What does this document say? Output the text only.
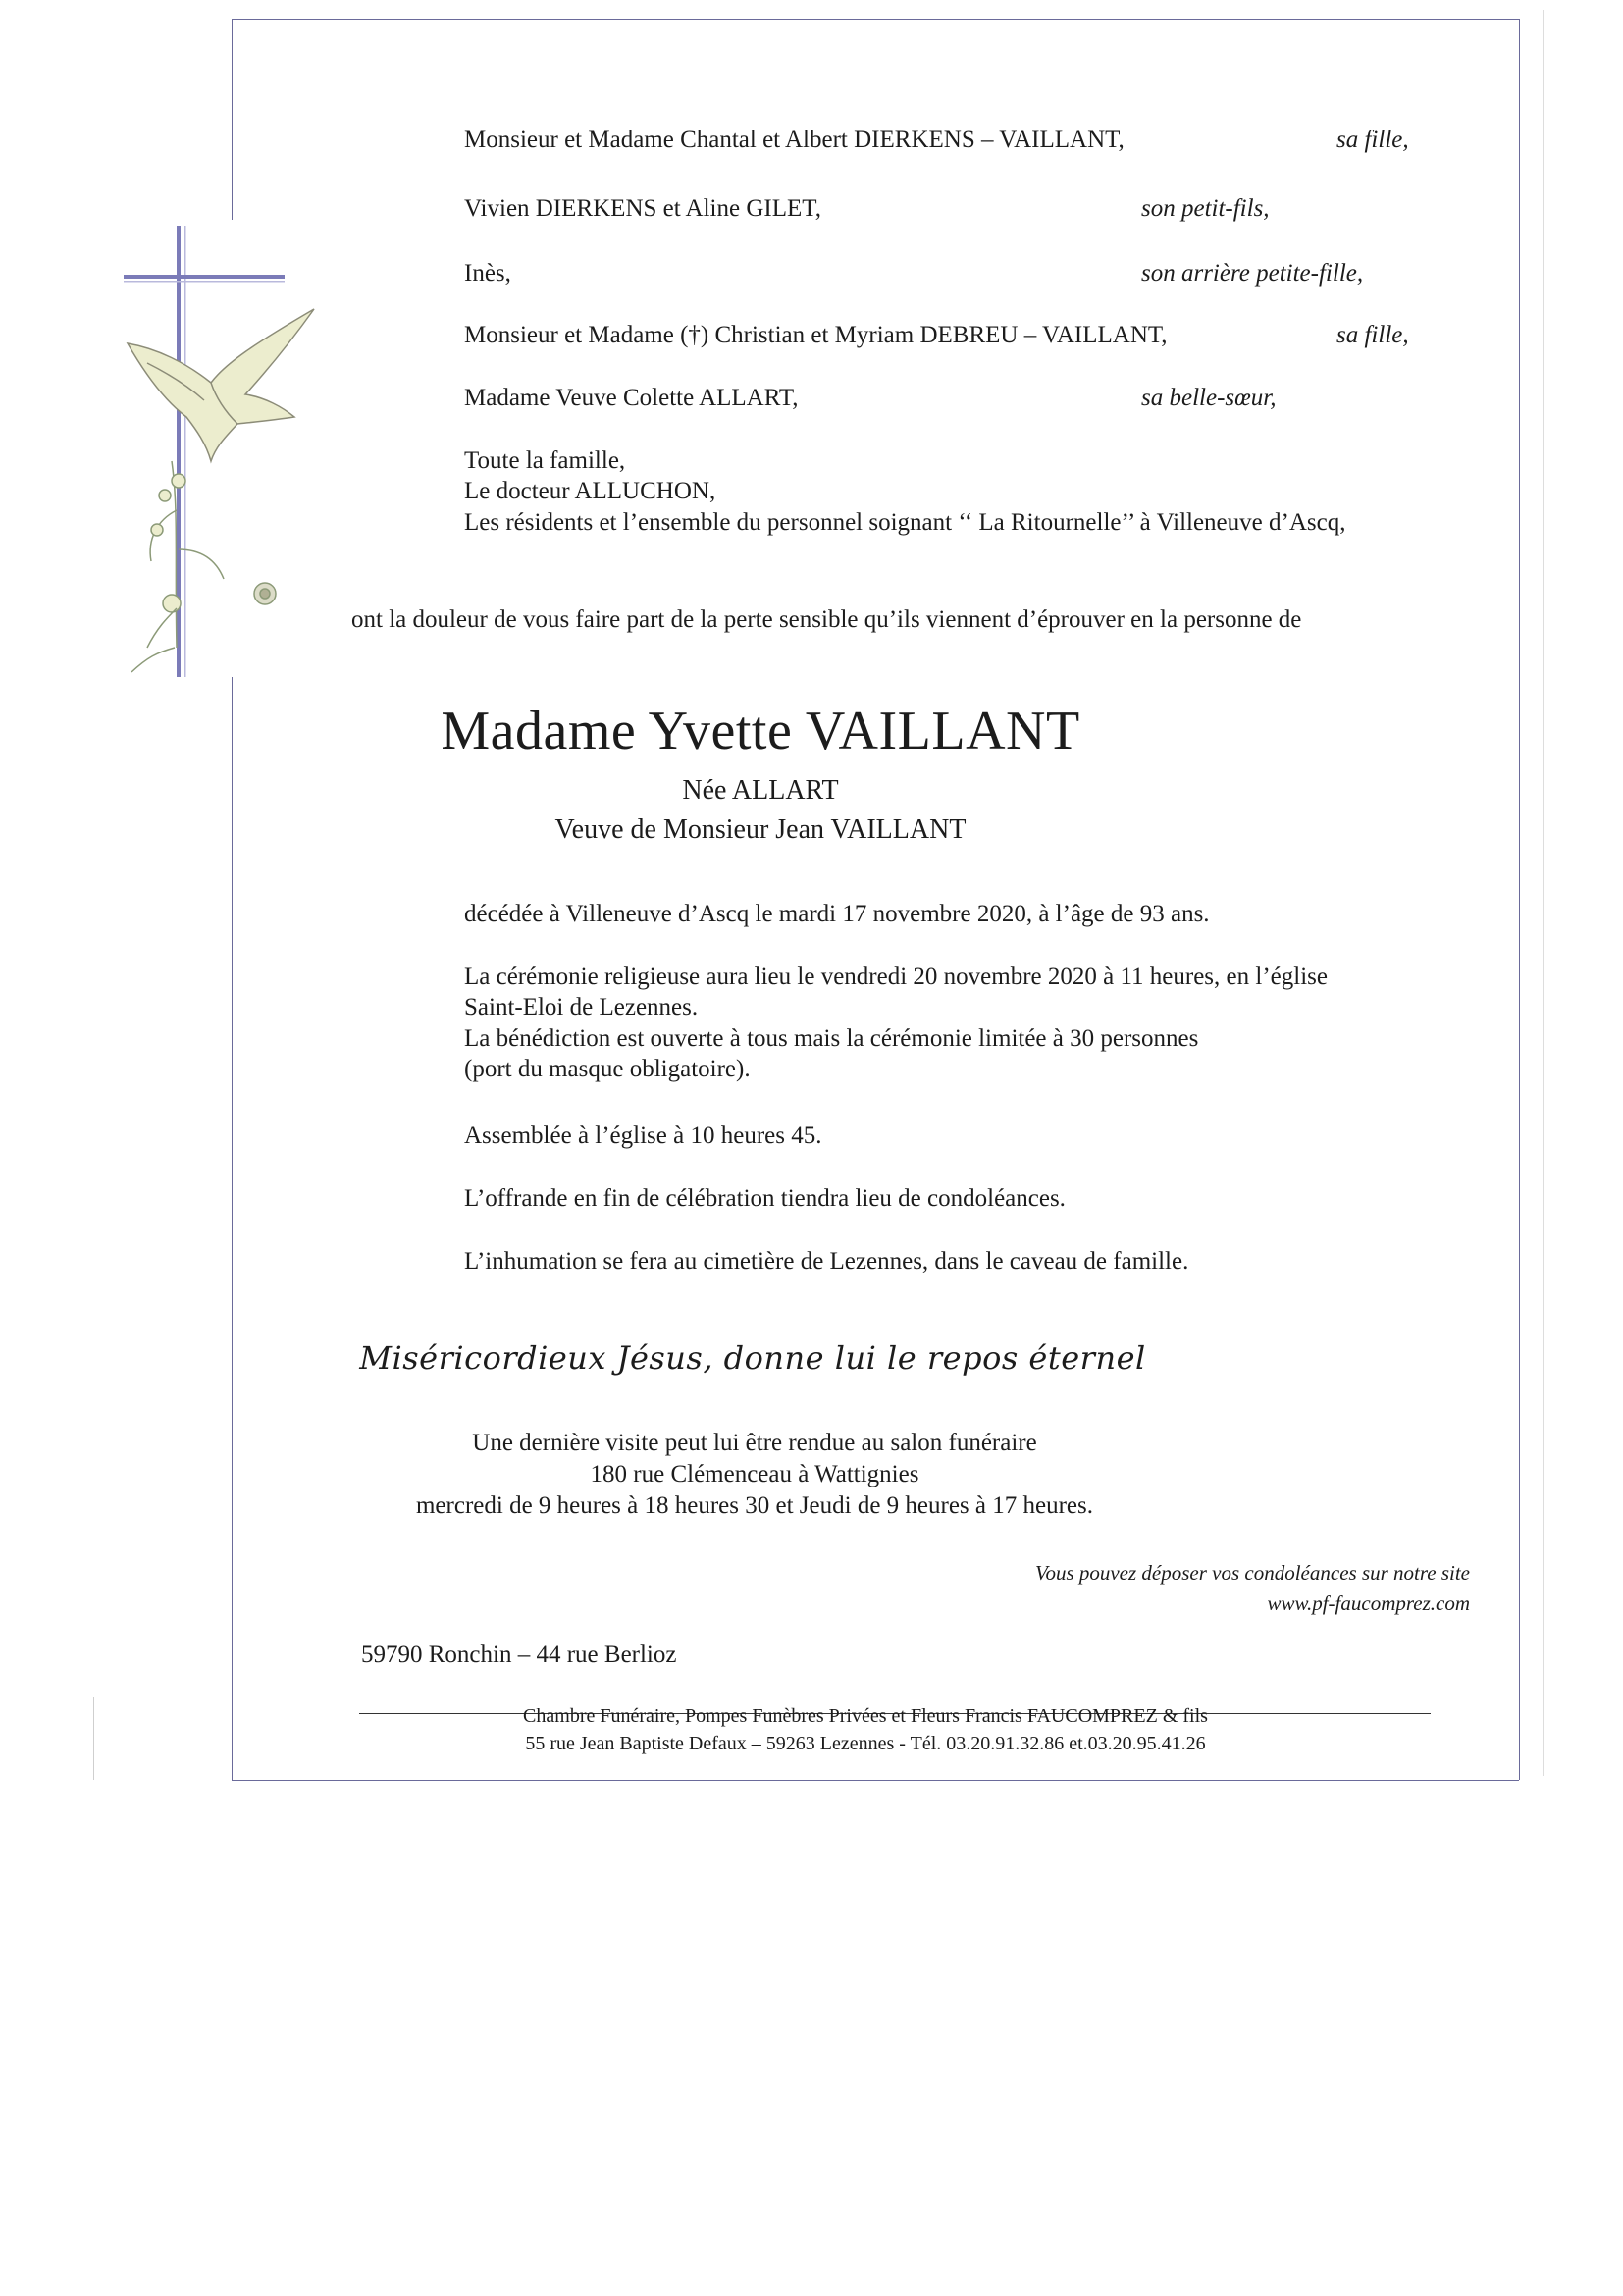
Monsieur et Madame Chantal et Albert DIERKENS – VAILLANT,	sa fille,
Vivien DIERKENS et Aline GILET,	son petit-fils,
Inès,	son arrière petite-fille,
Monsieur et Madame (†) Christian et Myriam DEBREU – VAILLANT,	sa fille,
Madame Veuve Colette ALLART,	sa belle-sœur,
Toute la famille,
Le docteur ALLUCHON,
Les résidents et l’ensemble du personnel soignant ‘‘ La Ritournelle’’ à Villeneuve d’Ascq,
ont la douleur de vous faire part de la perte sensible qu’ils viennent d’éprouver en la personne de
Madame Yvette VAILLANT
Née ALLART
Veuve de Monsieur Jean VAILLANT
décédée à Villeneuve d’Ascq le mardi 17 novembre 2020, à l’âge de 93 ans.
La cérémonie religieuse aura lieu le vendredi 20 novembre 2020 à 11 heures, en l’église
Saint-Eloi de Lezennes.
La bénédiction est ouverte à tous mais la cérémonie limitée à 30 personnes
(port du masque obligatoire).
Assemblée à l’église à 10 heures 45.
L’offrande en fin de célébration tiendra lieu de condoléances.
L’inhumation se fera au cimetière de Lezennes, dans le caveau de famille.
Miséricordieux Jésus, donne lui le repos éternel
Une dernière visite peut lui être rendue au salon funéraire
180 rue Clémenceau à Wattignies
mercredi de 9 heures à 18 heures 30 et Jeudi de 9 heures à 17 heures.
Vous pouvez déposer vos condoléances sur notre site
www.pf-faucomprez.com
59790 Ronchin – 44 rue Berlioz
Chambre Funéraire, Pompes Funèbres Privées et Fleurs Francis FAUCOMPREZ & fils
55 rue Jean Baptiste Defaux – 59263 Lezennes - Tél. 03.20.91.32.86 et.03.20.95.41.26
